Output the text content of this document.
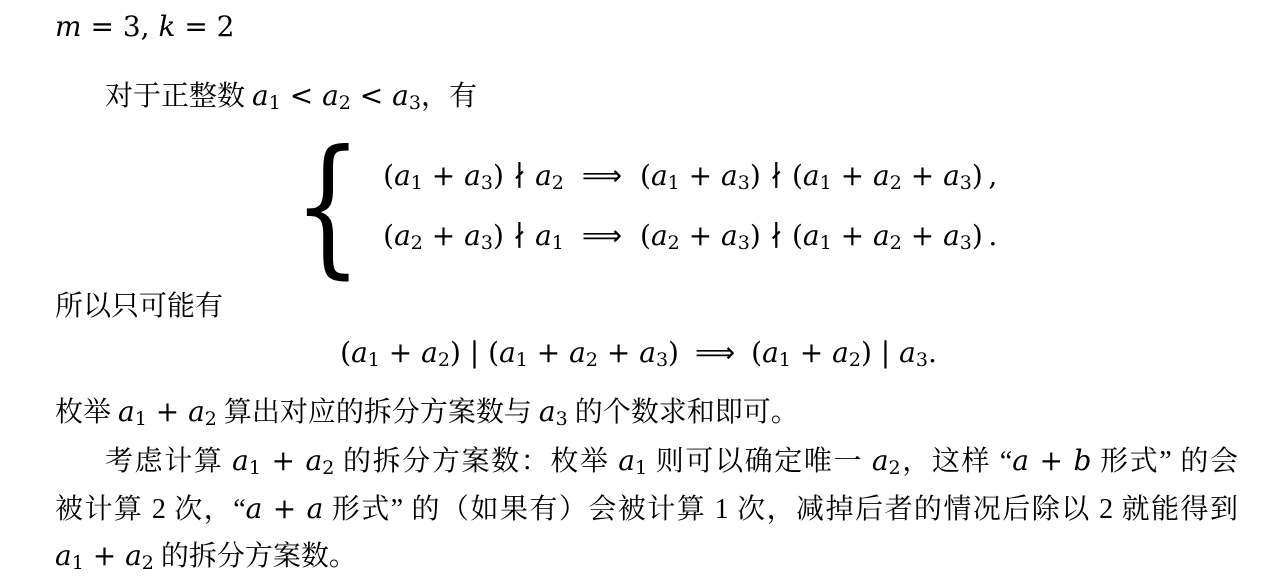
m = 3, k = 2
对于正整数 $a_1 < a_2 < a_3$，有
{ $(a_1 + a_3)$ ∤ $a_2$ ⟹ $(a_1 + a_3)$ ∤ $(a_1 + a_2 + a_3)$ ,
$(a_2 + a_3)$ ∤ $a_1$ ⟹ $(a_2 + a_3)$ ∤ $(a_1 + a_2 + a_3)$ .
所以只可能有
$(a_1 + a_2)$ | $(a_1 + a_2 + a_3)$ ⟹ $(a_1 + a_2)$ | $a_3$.
枚举 $a_1 + a_2$ 算出对应的拆分方案数与 $a_3$ 的个数求和即可。
考虑计算 $a_1 + a_2$ 的拆分方案数：枚举 $a_1$ 则可以确定唯一 $a_2$，这样 “a + b 形式” 的会
被计算 2 次，“a + a 形式” 的（如果有）会被计算 1 次，减掉后者的情况后除以 2 就能得到
$a_1 + a_2$ 的拆分方案数。
